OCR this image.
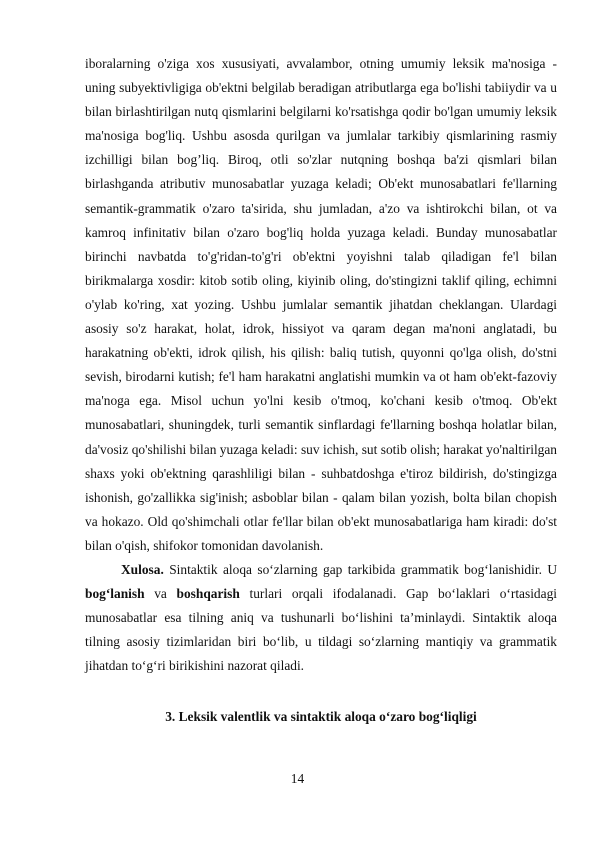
iboralarning o'ziga xos xususiyati, avvalambor, otning umumiy leksik ma'nosiga - uning subyektivligiga ob'ektni belgilab beradigan atributlarga ega bo'lishi tabiiydir va u bilan birlashtirilgan nutq qismlarini belgilarni ko'rsatishga qodir bo'lgan umumiy leksik ma'nosiga bog'liq. Ushbu asosda qurilgan va jumlalar tarkibiy qismlarining rasmiy izchilligi bilan bog’liq. Biroq, otli so'zlar nutqning boshqa ba'zi qismlari bilan birlashganda atributiv munosabatlar yuzaga keladi; Ob'ekt munosabatlari fe'llarning semantik-grammatik o'zaro ta'sirida, shu jumladan, a'zo va ishtirokchi bilan, ot va kamroq infinitativ bilan o'zaro bog'liq holda yuzaga keladi. Bunday munosabatlar birinchi navbatda to'g'ridan-to'g'ri ob'ektni yoyishni talab qiladigan fe'l bilan birikmalarga xosdir: kitob sotib oling, kiyinib oling, do'stingizni taklif qiling, echimni o'ylab ko'ring, xat yozing. Ushbu jumlalar semantik jihatdan cheklangan. Ulardagi asosiy so'z harakat, holat, idrok, hissiyot va qaram degan ma'noni anglatadi, bu harakatning ob'ekti, idrok qilish, his qilish: baliq tutish, quyonni qo'lga olish, do'stni sevish, birodarni kutish; fe'l ham harakatni anglatishi mumkin va ot ham ob'ekt-fazoviy ma'noga ega. Misol uchun yo'lni kesib o'tmoq, ko'chani kesib o'tmoq. Ob'ekt munosabatlari, shuningdek, turli semantik sinflardagi fe'llarning boshqa holatlar bilan, da'vosiz qo'shilishi bilan yuzaga keladi: suv ichish, sut sotib olish; harakat yo'naltirilgan shaxs yoki ob'ektning qarashliligi bilan - suhbatdoshga e'tiroz bildirish, do'stingizga ishonish, go'zallikka sig'inish; asboblar bilan - qalam bilan yozish, bolta bilan chopish va hokazo. Old qo'shimchali otlar fe'llar bilan ob'ekt munosabatlariga ham kiradi: do'st bilan o'qish, shifokor tomonidan davolanish.

Xulosa. Sintaktik aloqa so‘zlarning gap tarkibida grammatik bog‘lanishidir. U bog‘lanish va boshqarish turlari orqali ifodalanadi. Gap bo‘laklari o‘rtasidagi munosabatlar esa tilning aniq va tushunarli bo‘lishini ta’minlaydi. Sintaktik aloqa tilning asosiy tizimlaridan biri bo‘lib, u tildagi so‘zlarning mantiqiy va grammatik jihatdan to‘g‘ri birikishini nazorat qiladi.

3. Leksik valentlik va sintaktik aloqa o‘zaro bog‘liqligi
14
